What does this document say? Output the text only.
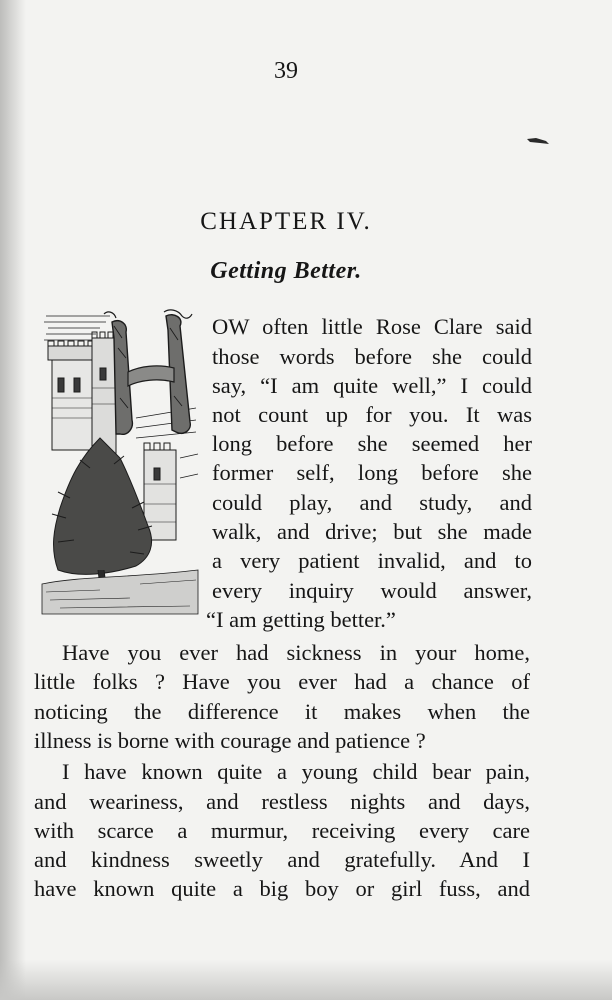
39
CHAPTER IV.
Getting Better.
OW often little Rose Clare said
those words before she could
say, “I am quite well,” I could
not count up for you. It was
long before she seemed her
former self, long before she
could play, and study, and
walk, and drive; but she made
a very patient invalid, and to
every inquiry would answer,
“I am getting better.”
Have you ever had sickness in your home,
little folks ? Have you ever had a chance of
noticing the difference it makes when the
illness is borne with courage and patience ?
I have known quite a young child bear pain,
and weariness, and restless nights and days,
with scarce a murmur, receiving every care
and kindness sweetly and gratefully. And I
have known quite a big boy or girl fuss, and
